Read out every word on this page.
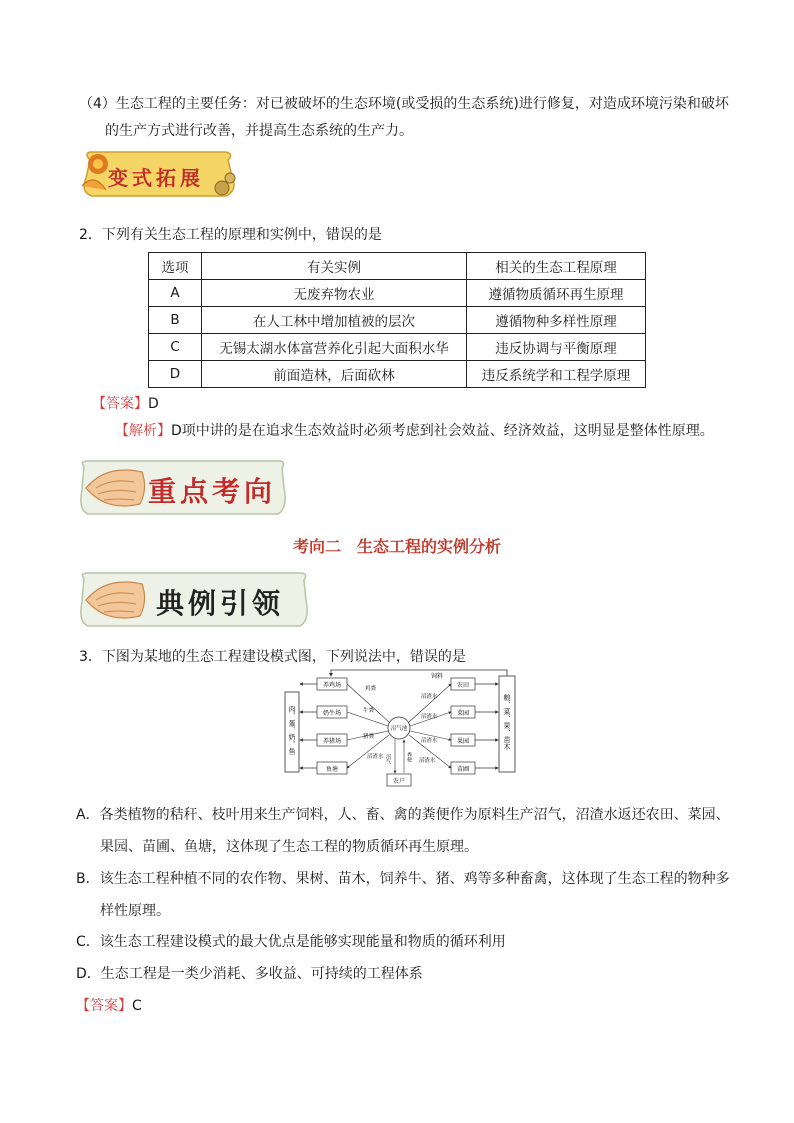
（4）生态工程的主要任务：对已被破坏的生态环境(或受损的生态系统)进行修复，对造成环境污染和破坏
的生产方式进行改善，并提高生态系统的生产力。
变式拓展
2．下列有关生态工程的原理和实例中，错误的是
选项	有关实例	相关的生态工程原理
A	无废弃物农业	遵循物质循环再生原理
B	在人工林中增加植被的层次	遵循物种多样性原理
C	无锡太湖水体富营养化引起大面积水华	违反协调与平衡原理
D	前面造林，后面砍林	违反系统学和工程学原理
【答案】D
【解析】D项中讲的是在追求生态效益时必须考虑到社会效益、经济效益，这明显是整体性原理。
重点考向
考向二　生态工程的实例分析
典例引领
3．下图为某地的生态工程建设模式图，下列说法中，错误的是
肉、蛋、奶、鱼	粮、菜、果、苗木
饲料
养鸡场
奶牛场
养猪场
鱼塘
沼气池
鸡粪
牛粪
猪粪
沼渣水
农田
菜园
果园
苗圃
沼渣水
沼渣水
沼渣水
沼渣水
农户
沼气	粪便
A．各类植物的秸秆、枝叶用来生产饲料，人、畜、禽的粪便作为原料生产沼气，沼渣水返还农田、菜园、
果园、苗圃、鱼塘，这体现了生态工程的物质循环再生原理。
B．该生态工程种植不同的农作物、果树、苗木，饲养牛、猪、鸡等多种畜禽，这体现了生态工程的物种多
样性原理。
C．该生态工程建设模式的最大优点是能够实现能量和物质的循环利用
D．生态工程是一类少消耗、多收益、可持续的工程体系
【答案】C
